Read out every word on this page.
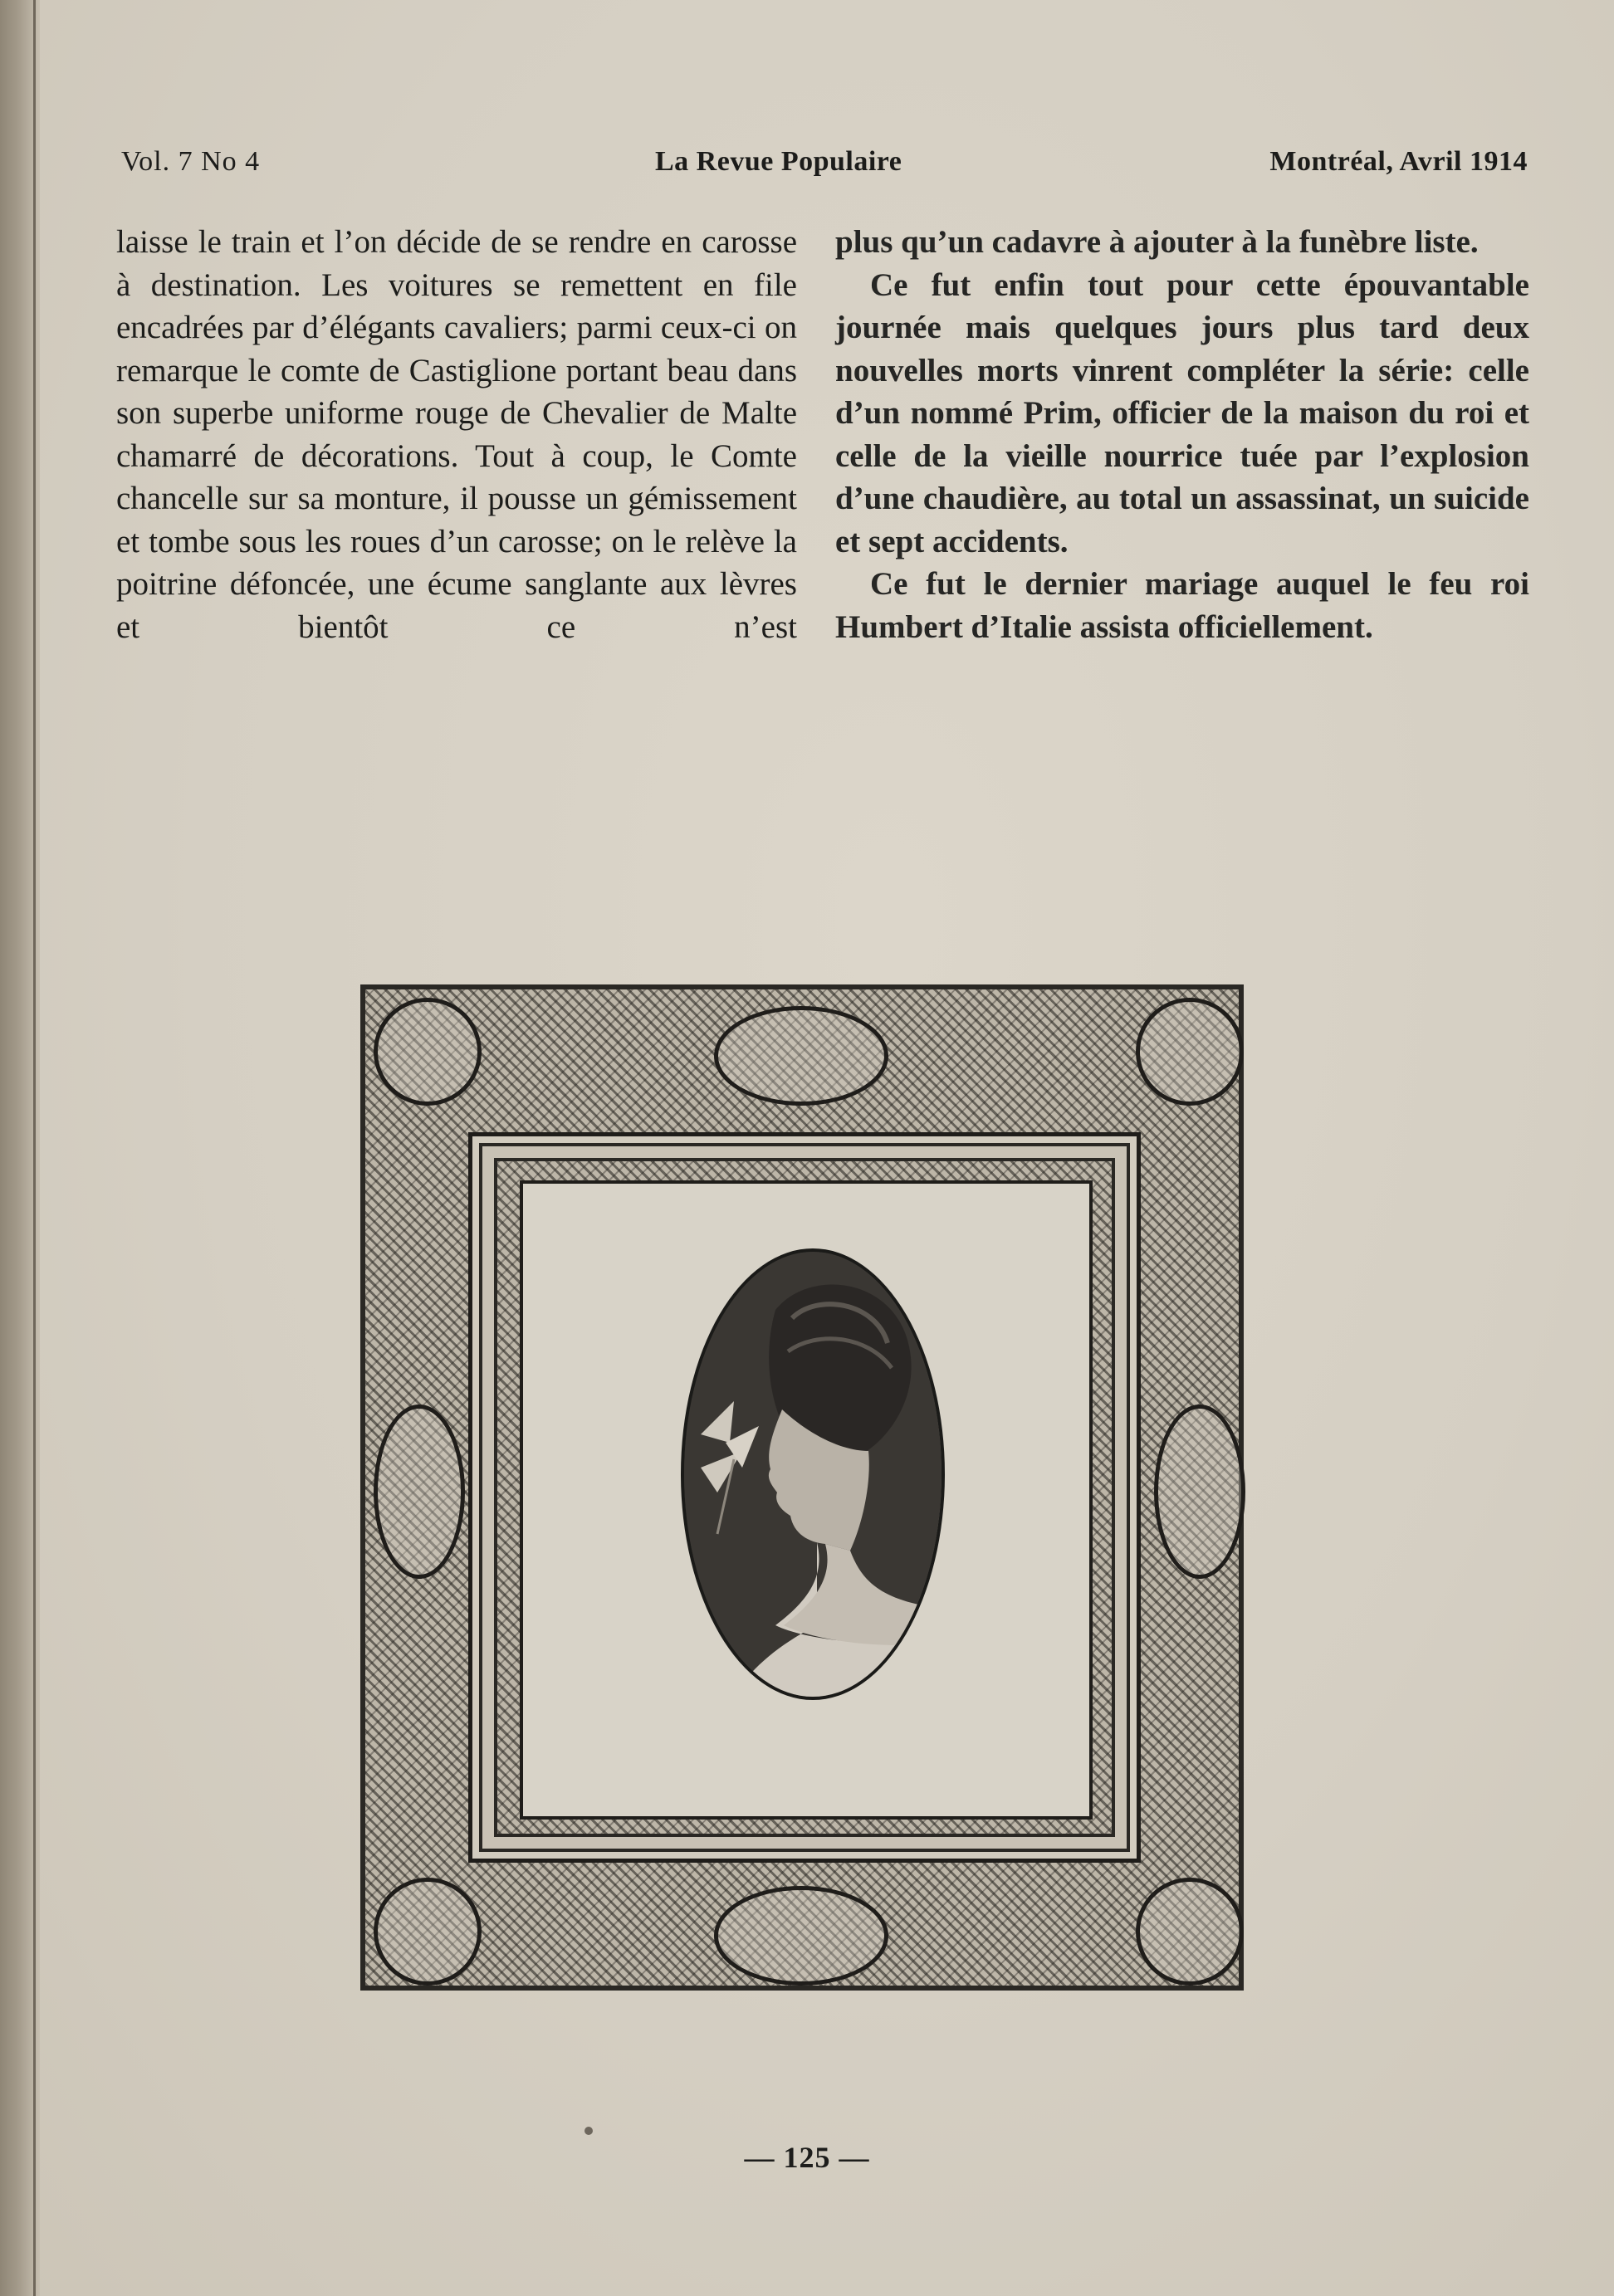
Vol. 7 No 4	La Revue Populaire	Montréal, Avril 1914

laisse le train et l’on décide de se rendre en carosse à destination. Les voitures se remettent en file encadrées par d’élégants cavaliers; parmi ceux-ci on remarque le comte de Castiglione portant beau dans son superbe uniforme rouge de Chevalier de Malte chamarré de décorations. Tout à coup, le Comte chancelle sur sa monture, il pousse un gémissement et tombe sous les roues d’un carosse; on le relève la poitrine défoncée, une écume sanglante aux lèvres et bientôt ce n’est

plus qu’un cadavre à ajouter à la funèbre liste.

Ce fut enfin tout pour cette épouvantable journée mais quelques jours plus tard deux nouvelles morts vinrent compléter la série: celle d’un nommé Prim, officier de la maison du roi et celle de la vieille nourrice tuée par l’explosion d’une chaudière, au total un assassinat, un suicide et sept accidents.

Ce fut le dernier mariage auquel le feu roi Humbert d’Italie assista officiellement.

— 125 —
